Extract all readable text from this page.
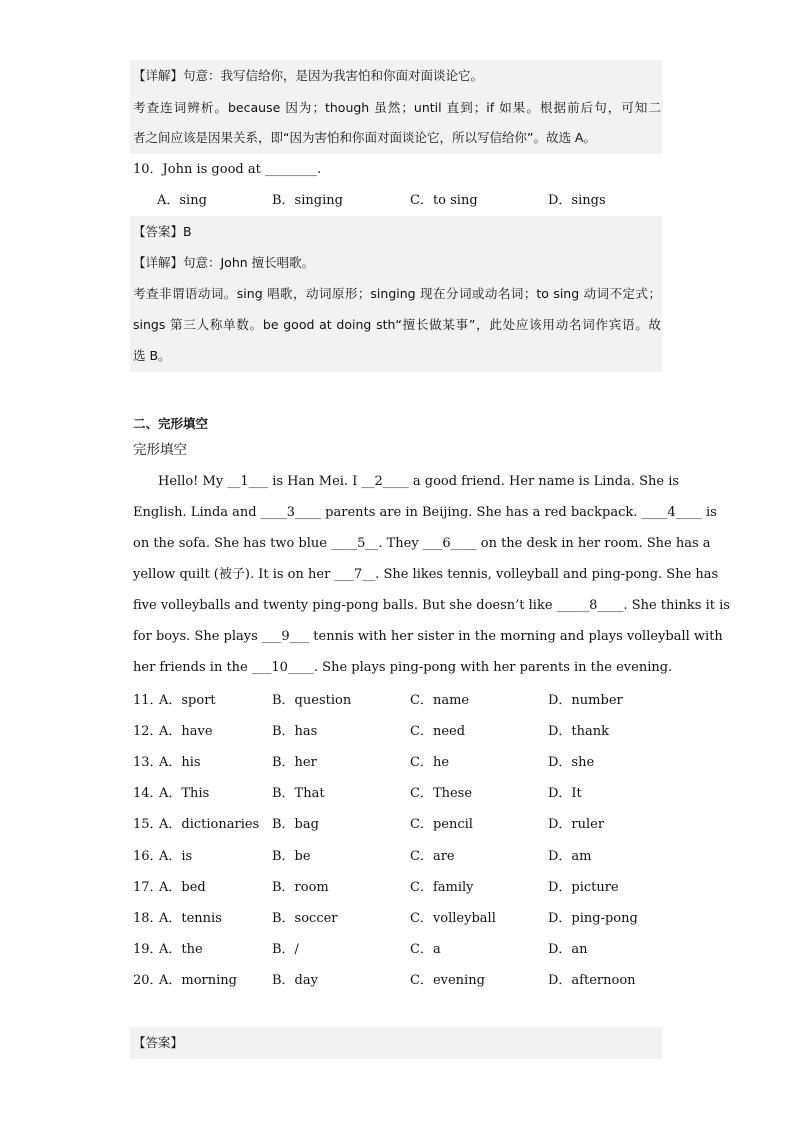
【详解】句意：我写信给你，是因为我害怕和你面对面谈论它。
考查连词辨析。because 因为；though 虽然；until 直到；if 如果。根据前后句，可知二
者之间应该是因果关系，即“因为害怕和你面对面谈论它，所以写信给你”。故选 A。
10．John is good at ________.
A．sing	B．singing	C．to sing	D．sings
【答案】B
【详解】句意：John 擅长唱歌。
考查非谓语动词。sing 唱歌，动词原形；singing 现在分词或动名词；to sing 动词不定式；
sings 第三人称单数。be good at doing sth“擅长做某事”，此处应该用动名词作宾语。故
选 B。
二、完形填空
完形填空
Hello! My __1___ is Han Mei. I __2____ a good friend. Her name is Linda. She is
English. Linda and ____3____ parents are in Beijing. She has a red backpack. ____4____ is
on the sofa. She has two blue ____5__. They ___6____ on the desk in her room. She has a
yellow quilt (被子). It is on her ___7__. She likes tennis, volleyball and ping-pong. She has
five volleyballs and twenty ping-pong balls. But she doesn’t like _____8____. She thinks it is
for boys. She plays ___9___ tennis with her sister in the morning and plays volleyball with
her friends in the ___10____. She plays ping-pong with her parents in the evening.
11．
A．sport	B．question	C．name	D．number
12．
A．have	B．has	C．need	D．thank
13．
A．his	B．her	C．he	D．she
14．
A．This	B．That	C．These	D．It
15．
A．dictionaries B．bag	C．pencil	D．ruler
16．
A．is	B．be	C．are	D．am
17．
A．bed	B．room	C．family	D．picture
18．
A．tennis	B．soccer	C．volleyball	D．ping-pong
19．
A．the	B．/	C．a	D．an
20．
A．morning	B．day	C．evening	D．afternoon
【答案】
